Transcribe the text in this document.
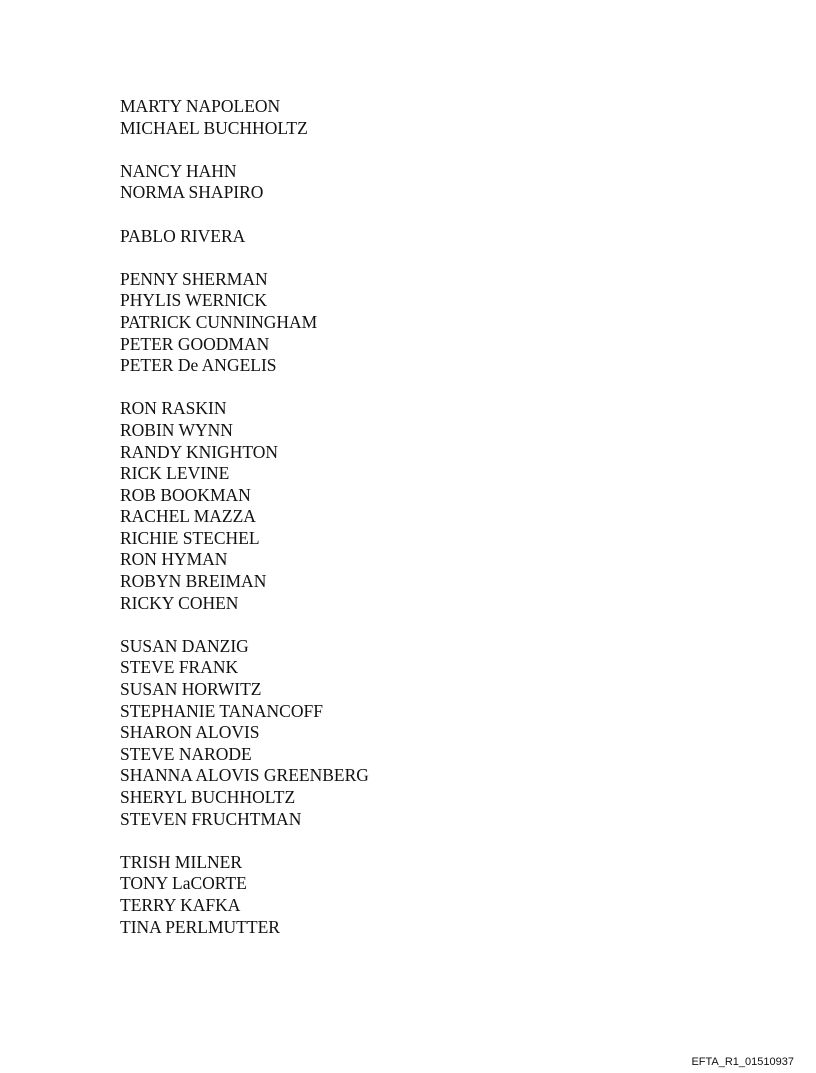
MARTY NAPOLEON
MICHAEL BUCHHOLTZ
NANCY HAHN
NORMA SHAPIRO
PABLO RIVERA
PENNY SHERMAN
PHYLIS WERNICK
PATRICK CUNNINGHAM
PETER GOODMAN
PETER De ANGELIS
RON RASKIN
ROBIN WYNN
RANDY KNIGHTON
RICK LEVINE
ROB BOOKMAN
RACHEL MAZZA
RICHIE STECHEL
RON HYMAN
ROBYN BREIMAN
RICKY COHEN
SUSAN DANZIG
STEVE FRANK
SUSAN HORWITZ
STEPHANIE TANANCOFF
SHARON ALOVIS
STEVE NARODE
SHANNA ALOVIS GREENBERG
SHERYL BUCHHOLTZ
STEVEN FRUCHTMAN
TRISH MILNER
TONY LaCORTE
TERRY KAFKA
TINA PERLMUTTER
EFTA_R1_01510937
